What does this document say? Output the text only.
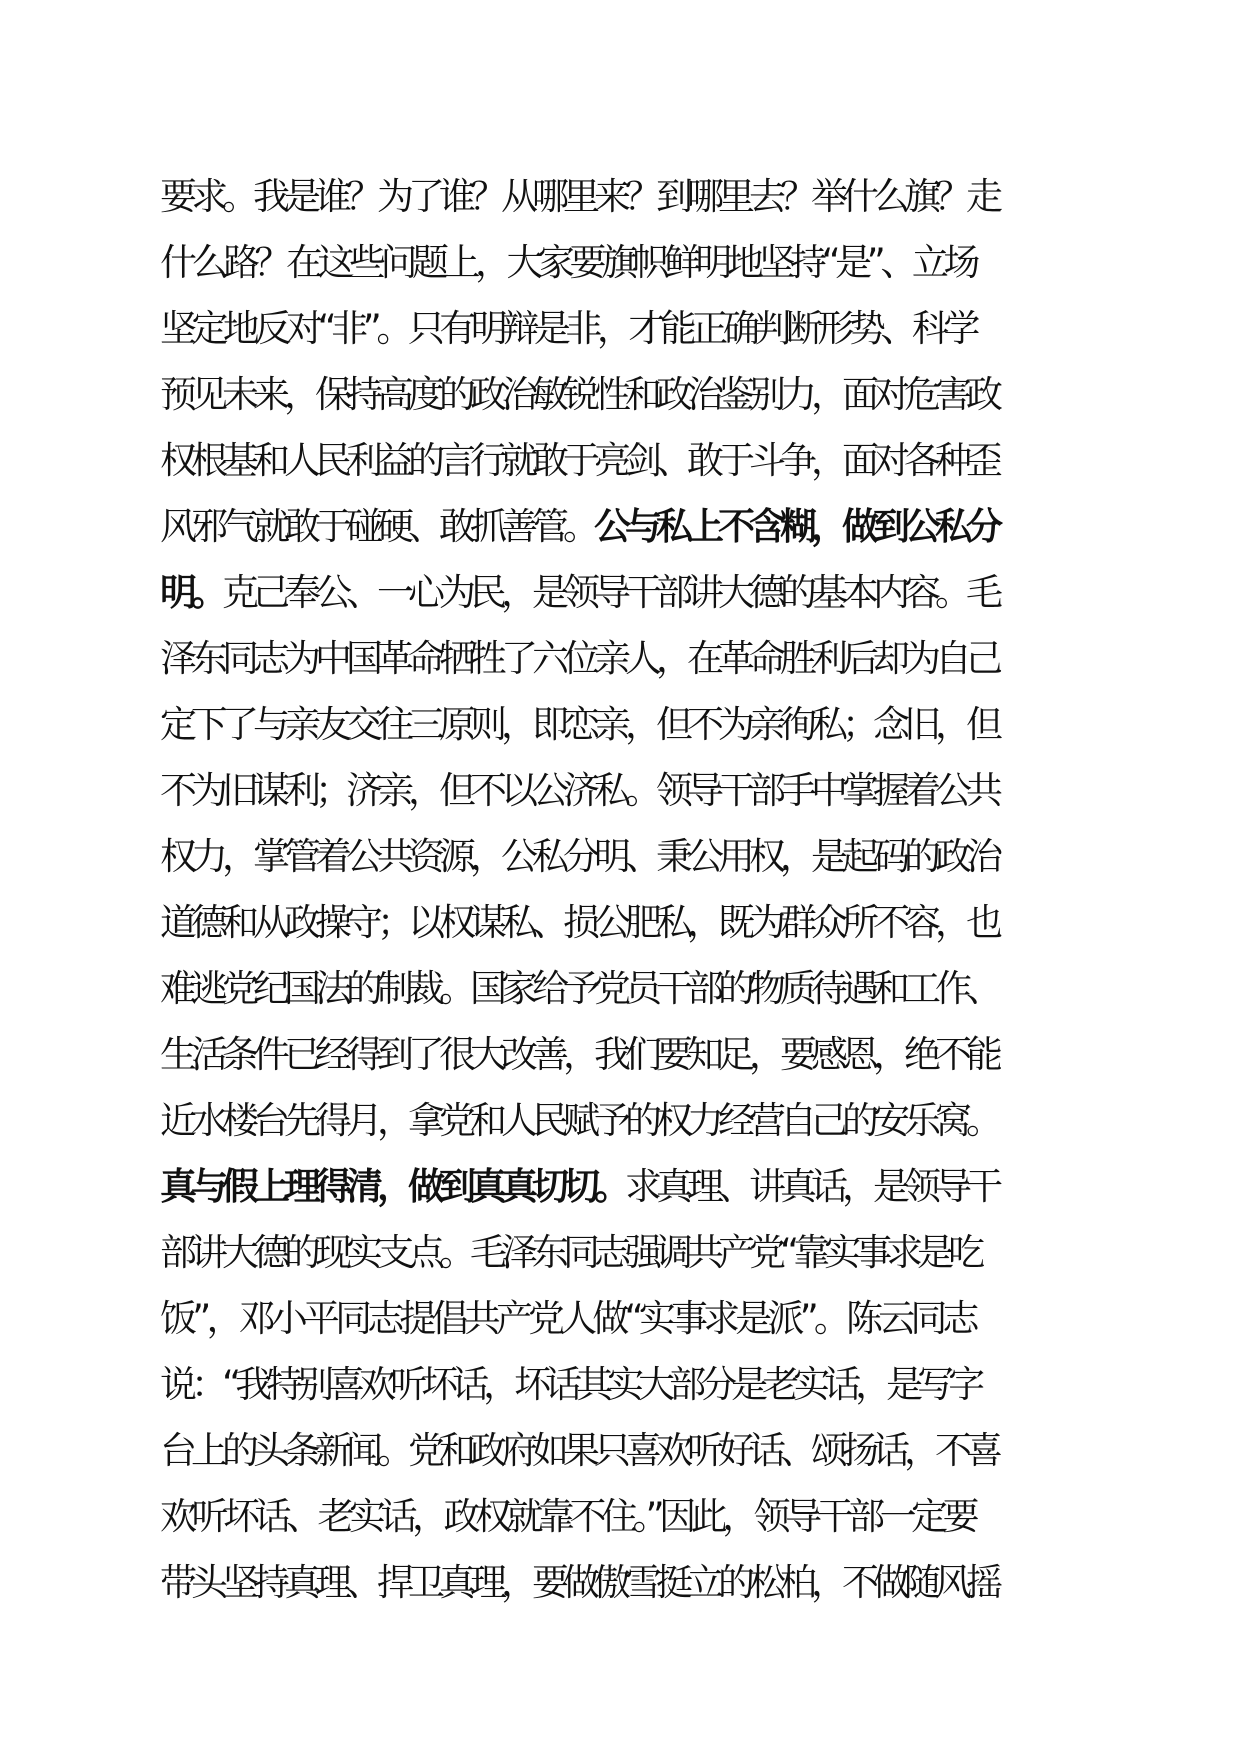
要求。我是谁？为了谁？从哪里来？到哪里去？举什么旗？走
什么路？在这些问题上，大家要旗帜鲜明地坚持“是”、立场
坚定地反对“非”。只有明辩是非，才能正确判断形势、科学
预见未来，保持高度的政治敏锐性和政治鉴别力，面对危害政
权根基和人民利益的言行就敢于亮剑、敢于斗争，面对各种歪
风邪气就敢于碰硬、敢抓善管。公与私上不含糊，做到公私分
明。克己奉公、一心为民，是领导干部讲大德的基本内容。毛
泽东同志为中国革命牺牲了六位亲人，在革命胜利后却为自己
定下了与亲友交往三原则，即恋亲，但不为亲徇私；念旧，但
不为旧谋利；济亲，但不以公济私。领导干部手中掌握着公共
权力，掌管着公共资源，公私分明、秉公用权，是起码的政治
道德和从政操守；以权谋私、损公肥私，既为群众所不容，也
难逃党纪国法的制裁。国家给予党员干部的物质待遇和工作、
生活条件已经得到了很大改善，我们要知足，要感恩，绝不能
近水楼台先得月，拿党和人民赋予的权力经营自己的安乐窝。
真与假上理得清，做到真真切切。求真理、讲真话，是领导干
部讲大德的现实支点。毛泽东同志强调共产党“靠实事求是吃
饭”，邓小平同志提倡共产党人做“实事求是派”。陈云同志
说：“我特别喜欢听坏话，坏话其实大部分是老实话，是写字
台上的头条新闻。党和政府如果只喜欢听好话、颂扬话，不喜
欢听坏话、老实话，政权就靠不住。”因此，领导干部一定要
带头坚持真理、捍卫真理，要做傲雪挺立的松柏，不做随风摇
